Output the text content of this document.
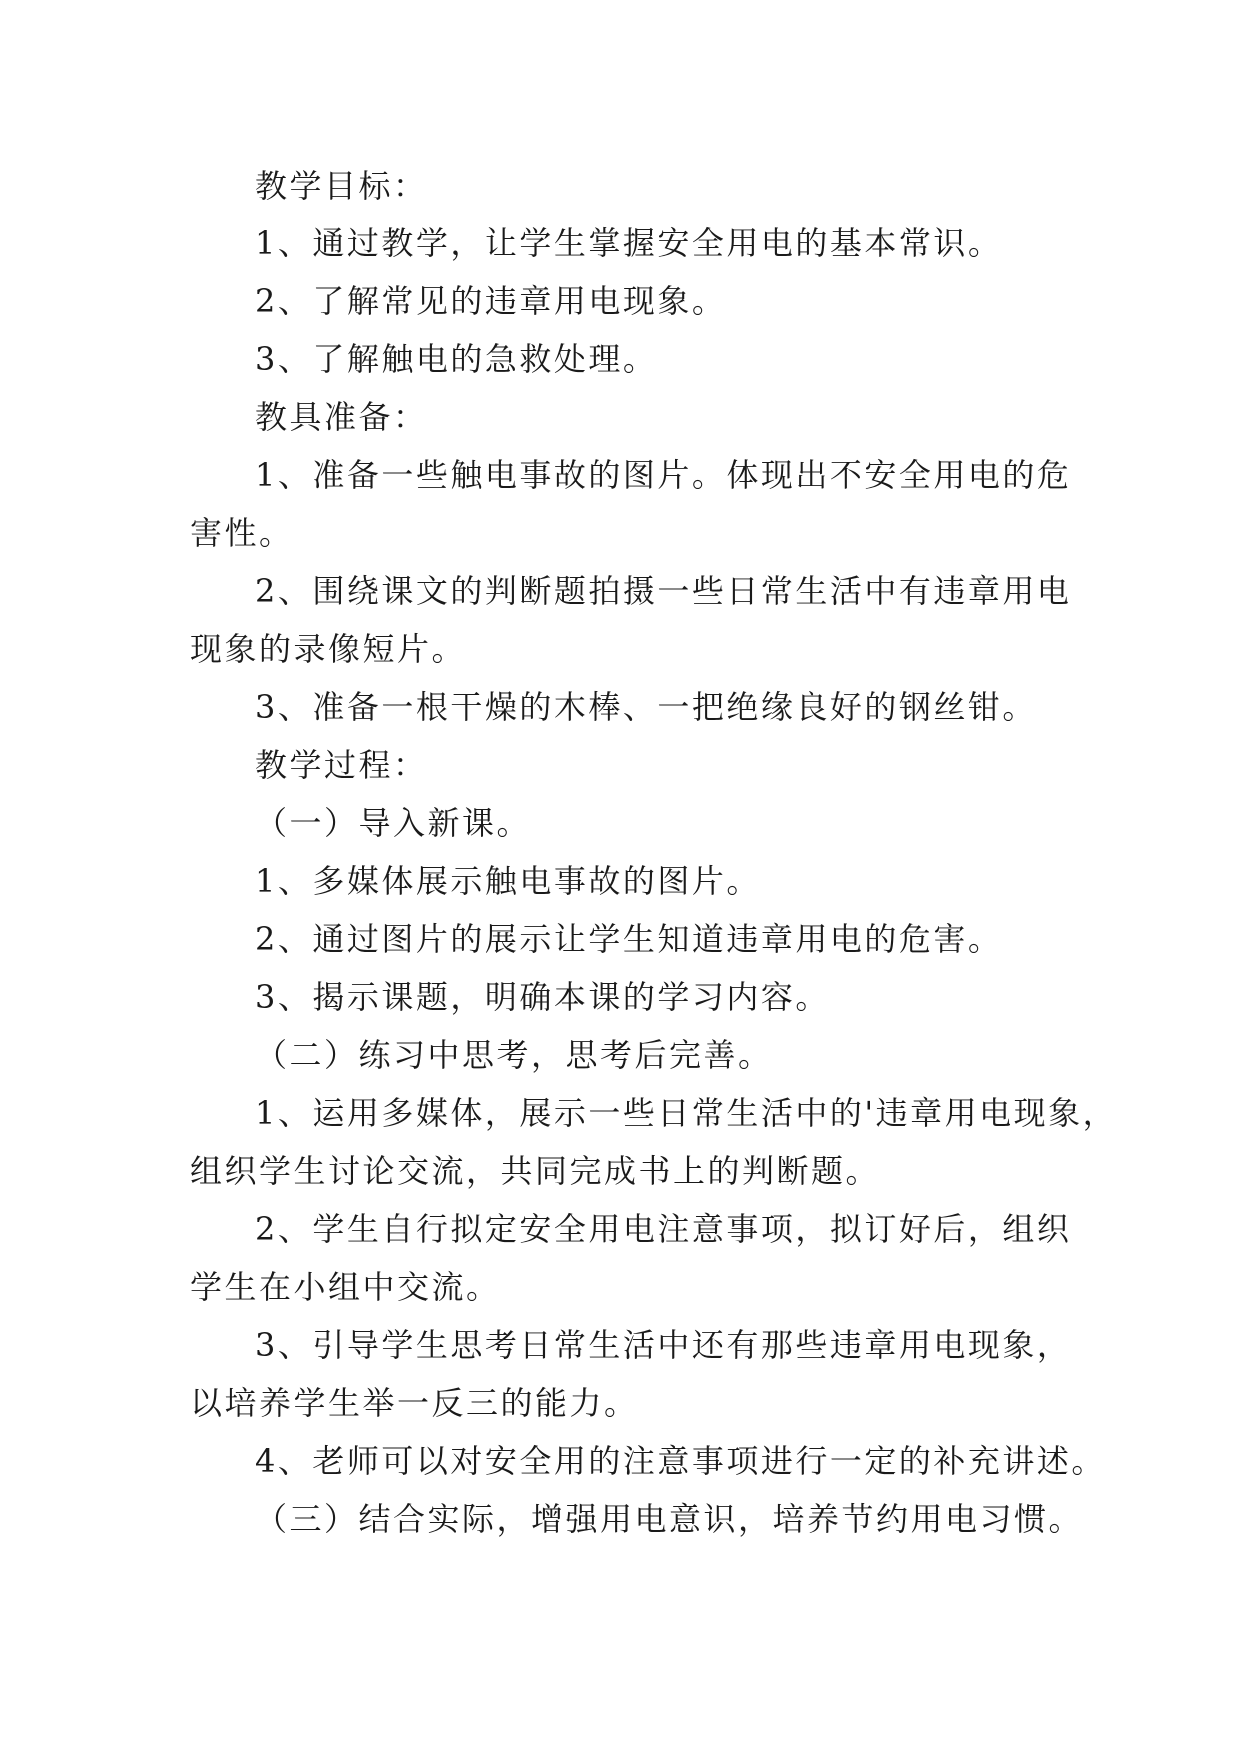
教学目标：
1、通过教学，让学生掌握安全用电的基本常识。
2、了解常见的违章用电现象。
3、了解触电的急救处理。
教具准备：
1、准备一些触电事故的图片。体现出不安全用电的危
害性。
2、围绕课文的判断题拍摄一些日常生活中有违章用电
现象的录像短片。
3、准备一根干燥的木棒、一把绝缘良好的钢丝钳。
教学过程：
（一）导入新课。
1、多媒体展示触电事故的图片。
2、通过图片的展示让学生知道违章用电的危害。
3、揭示课题，明确本课的学习内容。
（二）练习中思考，思考后完善。
1、运用多媒体，展示一些日常生活中的'违章用电现象，
组织学生讨论交流，共同完成书上的判断题。
2、学生自行拟定安全用电注意事项，拟订好后，组织
学生在小组中交流。
3、引导学生思考日常生活中还有那些违章用电现象，
以培养学生举一反三的能力。
4、老师可以对安全用的注意事项进行一定的补充讲述。
（三）结合实际，增强用电意识，培养节约用电习惯。
